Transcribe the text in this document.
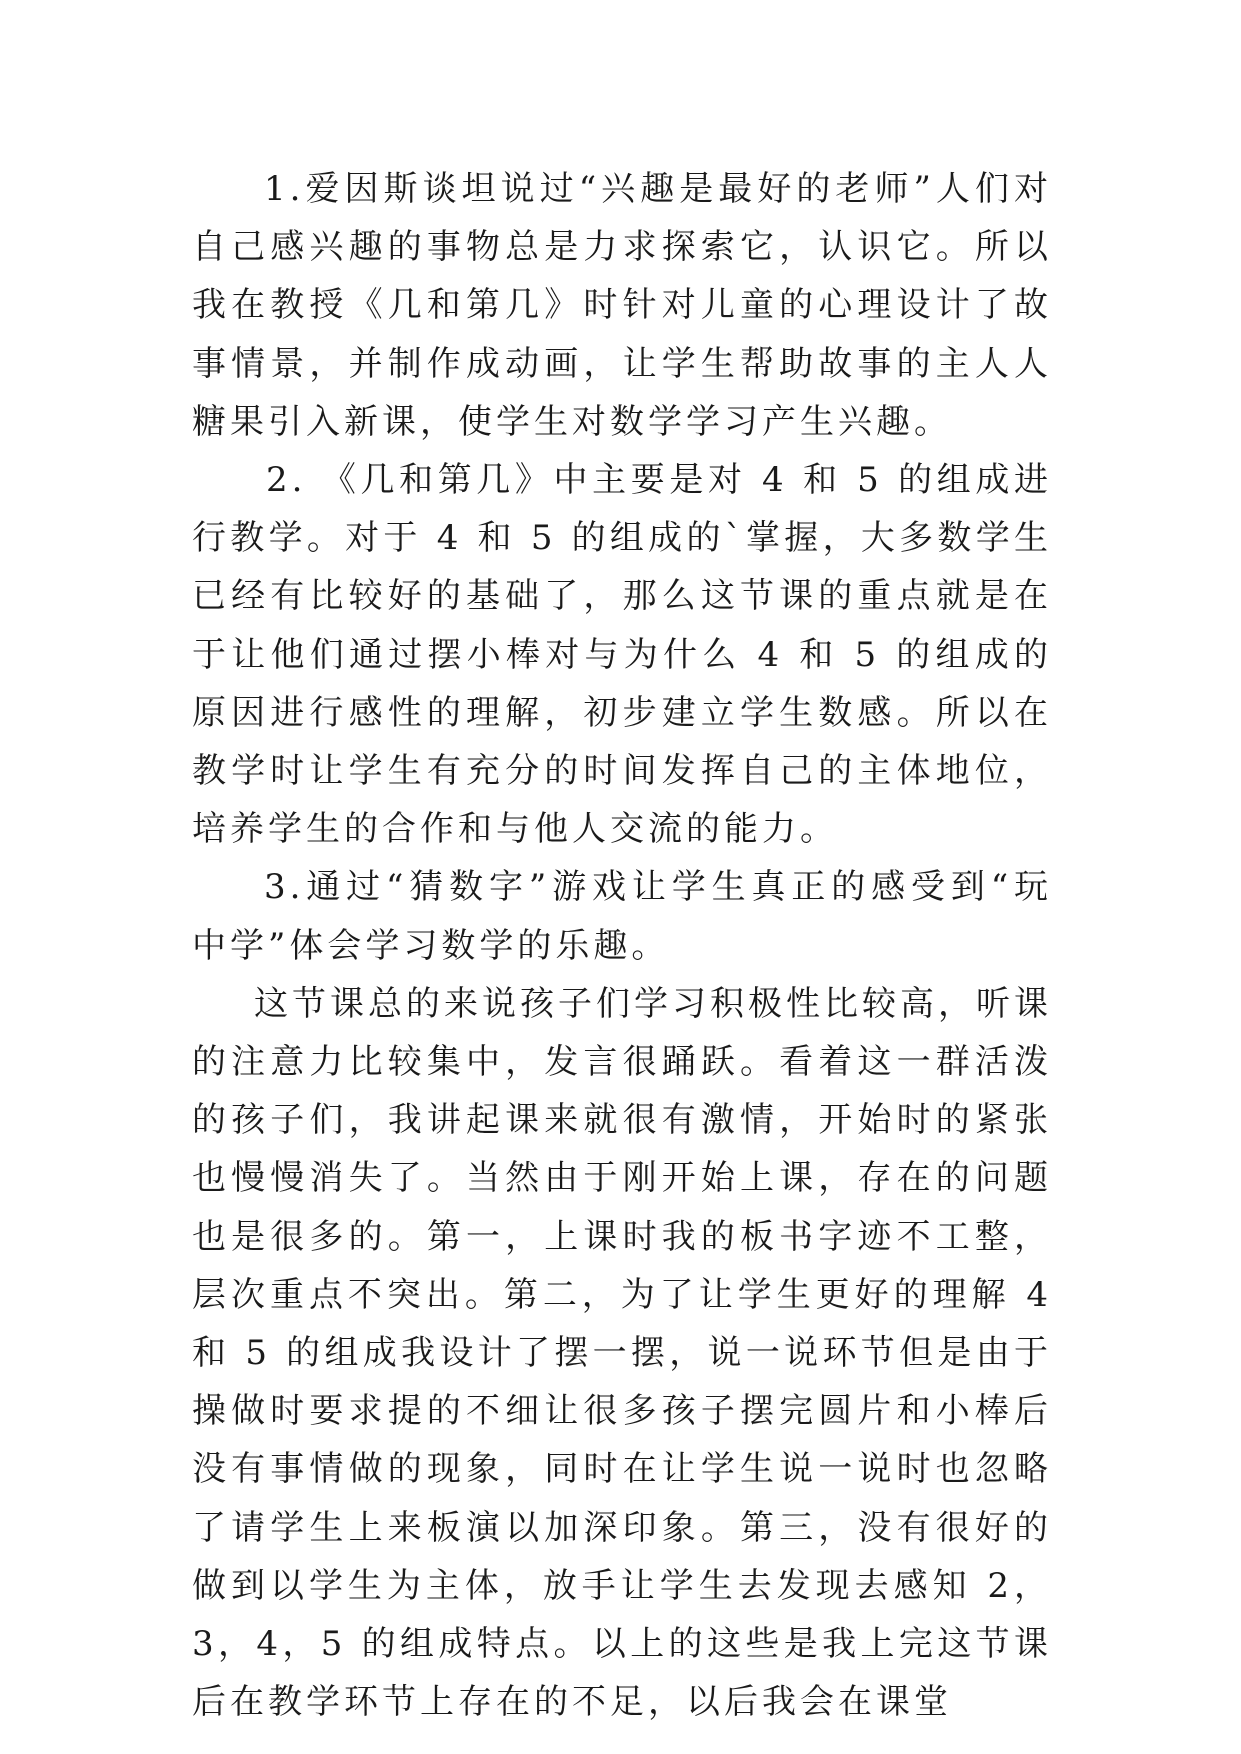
1.爱因斯谈坦说过“兴趣是最好的老师”人们对自己感兴趣的事物总是力求探索它，认识它。所以我在教授《几和第几》时针对儿童的心理设计了故事情景，并制作成动画，让学生帮助故事的主人人糖果引入新课，使学生对数学学习产生兴趣。

2. 《几和第几》中主要是对 4 和 5 的组成进行教学。对于 4 和 5 的组成的`掌握，大多数学生已经有比较好的基础了，那么这节课的重点就是在于让他们通过摆小棒对与为什么 4 和 5 的组成的原因进行感性的理解，初步建立学生数感。所以在教学时让学生有充分的时间发挥自己的主体地位，培养学生的合作和与他人交流的能力。

3.通过“猜数字”游戏让学生真正的感受到“玩中学”体会学习数学的乐趣。

这节课总的来说孩子们学习积极性比较高，听课的注意力比较集中，发言很踊跃。看着这一群活泼的孩子们，我讲起课来就很有激情，开始时的紧张也慢慢消失了。当然由于刚开始上课，存在的问题也是很多的。第一，上课时我的板书字迹不工整，层次重点不突出。第二，为了让学生更好的理解 4 和 5 的组成我设计了摆一摆，说一说环节但是由于操做时要求提的不细让很多孩子摆完圆片和小棒后没有事情做的现象，同时在让学生说一说时也忽略了请学生上来板演以加深印象。第三，没有很好的做到以学生为主体，放手让学生去发现去感知 2，3，4，5 的组成特点。以上的这些是我上完这节课后在教学环节上存在的不足，以后我会在课堂
